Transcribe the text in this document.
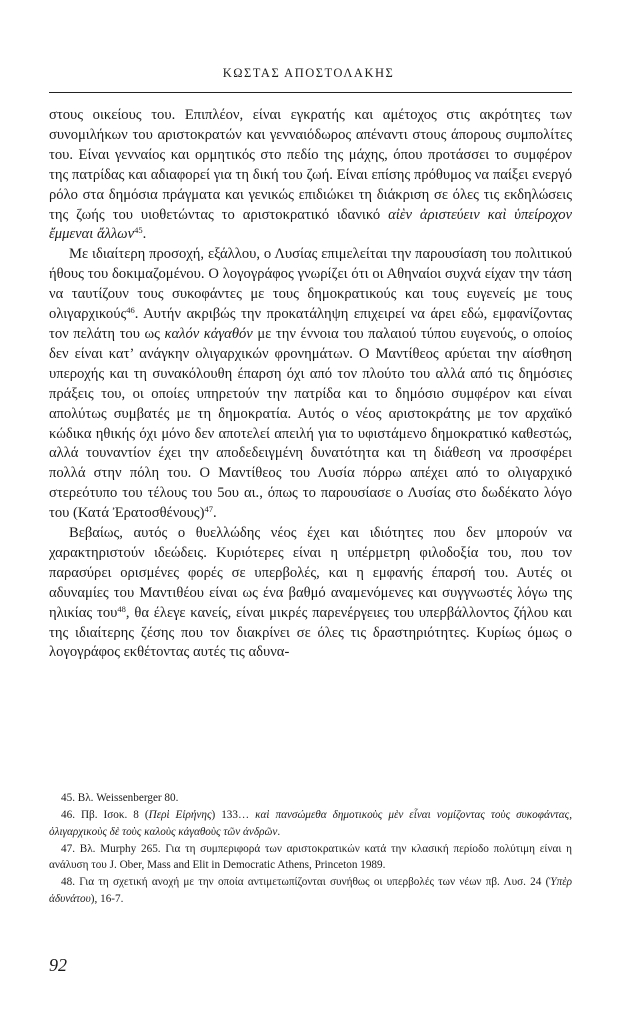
ΚΩΣΤΑΣ ΑΠΟΣΤΟΛΑΚΗΣ

στους οικείους του. Επιπλέον, είναι εγκρατής και αμέτοχος στις ακρότητες των συνομιλήκων του αριστοκρατών και γενναιόδωρος απέναντι στους άπορους συμπολίτες του. Είναι γενναίος και ορμητικός στο πεδίο της μάχης, όπου προτάσσει το συμφέρον της πατρίδας και αδιαφορεί για τη δική του ζωή. Είναι επίσης πρόθυμος να παίξει ενεργό ρόλο στα δημόσια πράγματα και γενικώς επιδιώκει τη διάκριση σε όλες τις εκδηλώσεις της ζωής του υιοθετώντας το αριστοκρατικό ιδανικό αἰὲν ἀριστεύειν καὶ ὑπείροχον ἔμμεναι ἄλλων$^{45}$.

Με ιδιαίτερη προσοχή, εξάλλου, ο Λυσίας επιμελείται την παρουσίαση του πολιτικού ήθους του δοκιμαζομένου. Ο λογογράφος γνωρίζει ότι οι Αθηναίοι συχνά είχαν την τάση να ταυτίζουν τους συκοφάντες με τους δημοκρατικούς και τους ευγενείς με τους ολιγαρχικούς$^{46}$. Αυτήν ακριβώς την προκατάληψη επιχειρεί να άρει εδώ, εμφανίζοντας τον πελάτη του ως καλόν κἀγαθόν με την έννοια του παλαιού τύπου ευγενούς, ο οποίος δεν είναι κατ’ ανάγκην ολιγαρχικών φρονημάτων. Ο Μαντίθεος αρύεται την αίσθηση υπεροχής και τη συνακόλουθη έπαρση όχι από τον πλούτο του αλλά από τις δημόσιες πράξεις του, οι οποίες υπηρετούν την πατρίδα και το δημόσιο συμφέρον και είναι απολύτως συμβατές με τη δημοκρατία. Αυτός ο νέος αριστοκράτης με τον αρχαϊκό κώδικα ηθικής όχι μόνο δεν αποτελεί απειλή για το υφιστάμενο δημοκρατικό καθεστώς, αλλά τουναντίον έχει την αποδεδειγμένη δυνατότητα και τη διάθεση να προσφέρει πολλά στην πόλη του. Ο Μαντίθεος του Λυσία πόρρω απέχει από το ολιγαρχικό στερεότυπο του τέλους του 5ου αι., όπως το παρουσίασε ο Λυσίας στο δωδέκατο λόγο του (Κατά Ἐρατοσθένους)$^{47}$.

Βεβαίως, αυτός ο θυελλώδης νέος έχει και ιδιότητες που δεν μπορούν να χαρακτηριστούν ιδεώδεις. Κυριότερες είναι η υπέρμετρη φιλοδοξία του, που τον παρασύρει ορισμένες φορές σε υπερβολές, και η εμφανής έπαρσή του. Αυτές οι αδυναμίες του Μαντιθέου είναι ως ένα βαθμό αναμενόμενες και συγγνωστές λόγω της ηλικίας του$^{48}$, θα έλεγε κανείς, είναι μικρές παρενέργειες του υπερβάλλοντος ζήλου και της ιδιαίτερης ζέσης που τον διακρίνει σε όλες τις δραστηριότητες. Κυρίως όμως ο λογογράφος εκθέτοντας αυτές τις αδυνα-

45. Βλ. Weissenberger 80.

46. Πβ. Ισοκ. 8 (Περὶ Εἰρήνης) 133… καὶ πανσώμεθα δημοτικοὺς μὲν εἶναι νομίζοντας τοὺς συκοφάντας, ὀλιγαρχικοὺς δὲ τοὺς καλοὺς κἀγαθοὺς τῶν ἀνδρῶν.

47. Βλ. Murphy 265. Για τη συμπεριφορά των αριστοκρατικών κατά την κλασική περίοδο πολύτιμη είναι η ανάλυση του J. Ober, Mass and Elit in Democratic Athens, Princeton 1989.

48. Για τη σχετική ανοχή με την οποία αντιμετωπίζονται συνήθως οι υπερβολές των νέων πβ. Λυσ. 24 (Ὑπὲρ ἀδυνάτου), 16-7.

92
